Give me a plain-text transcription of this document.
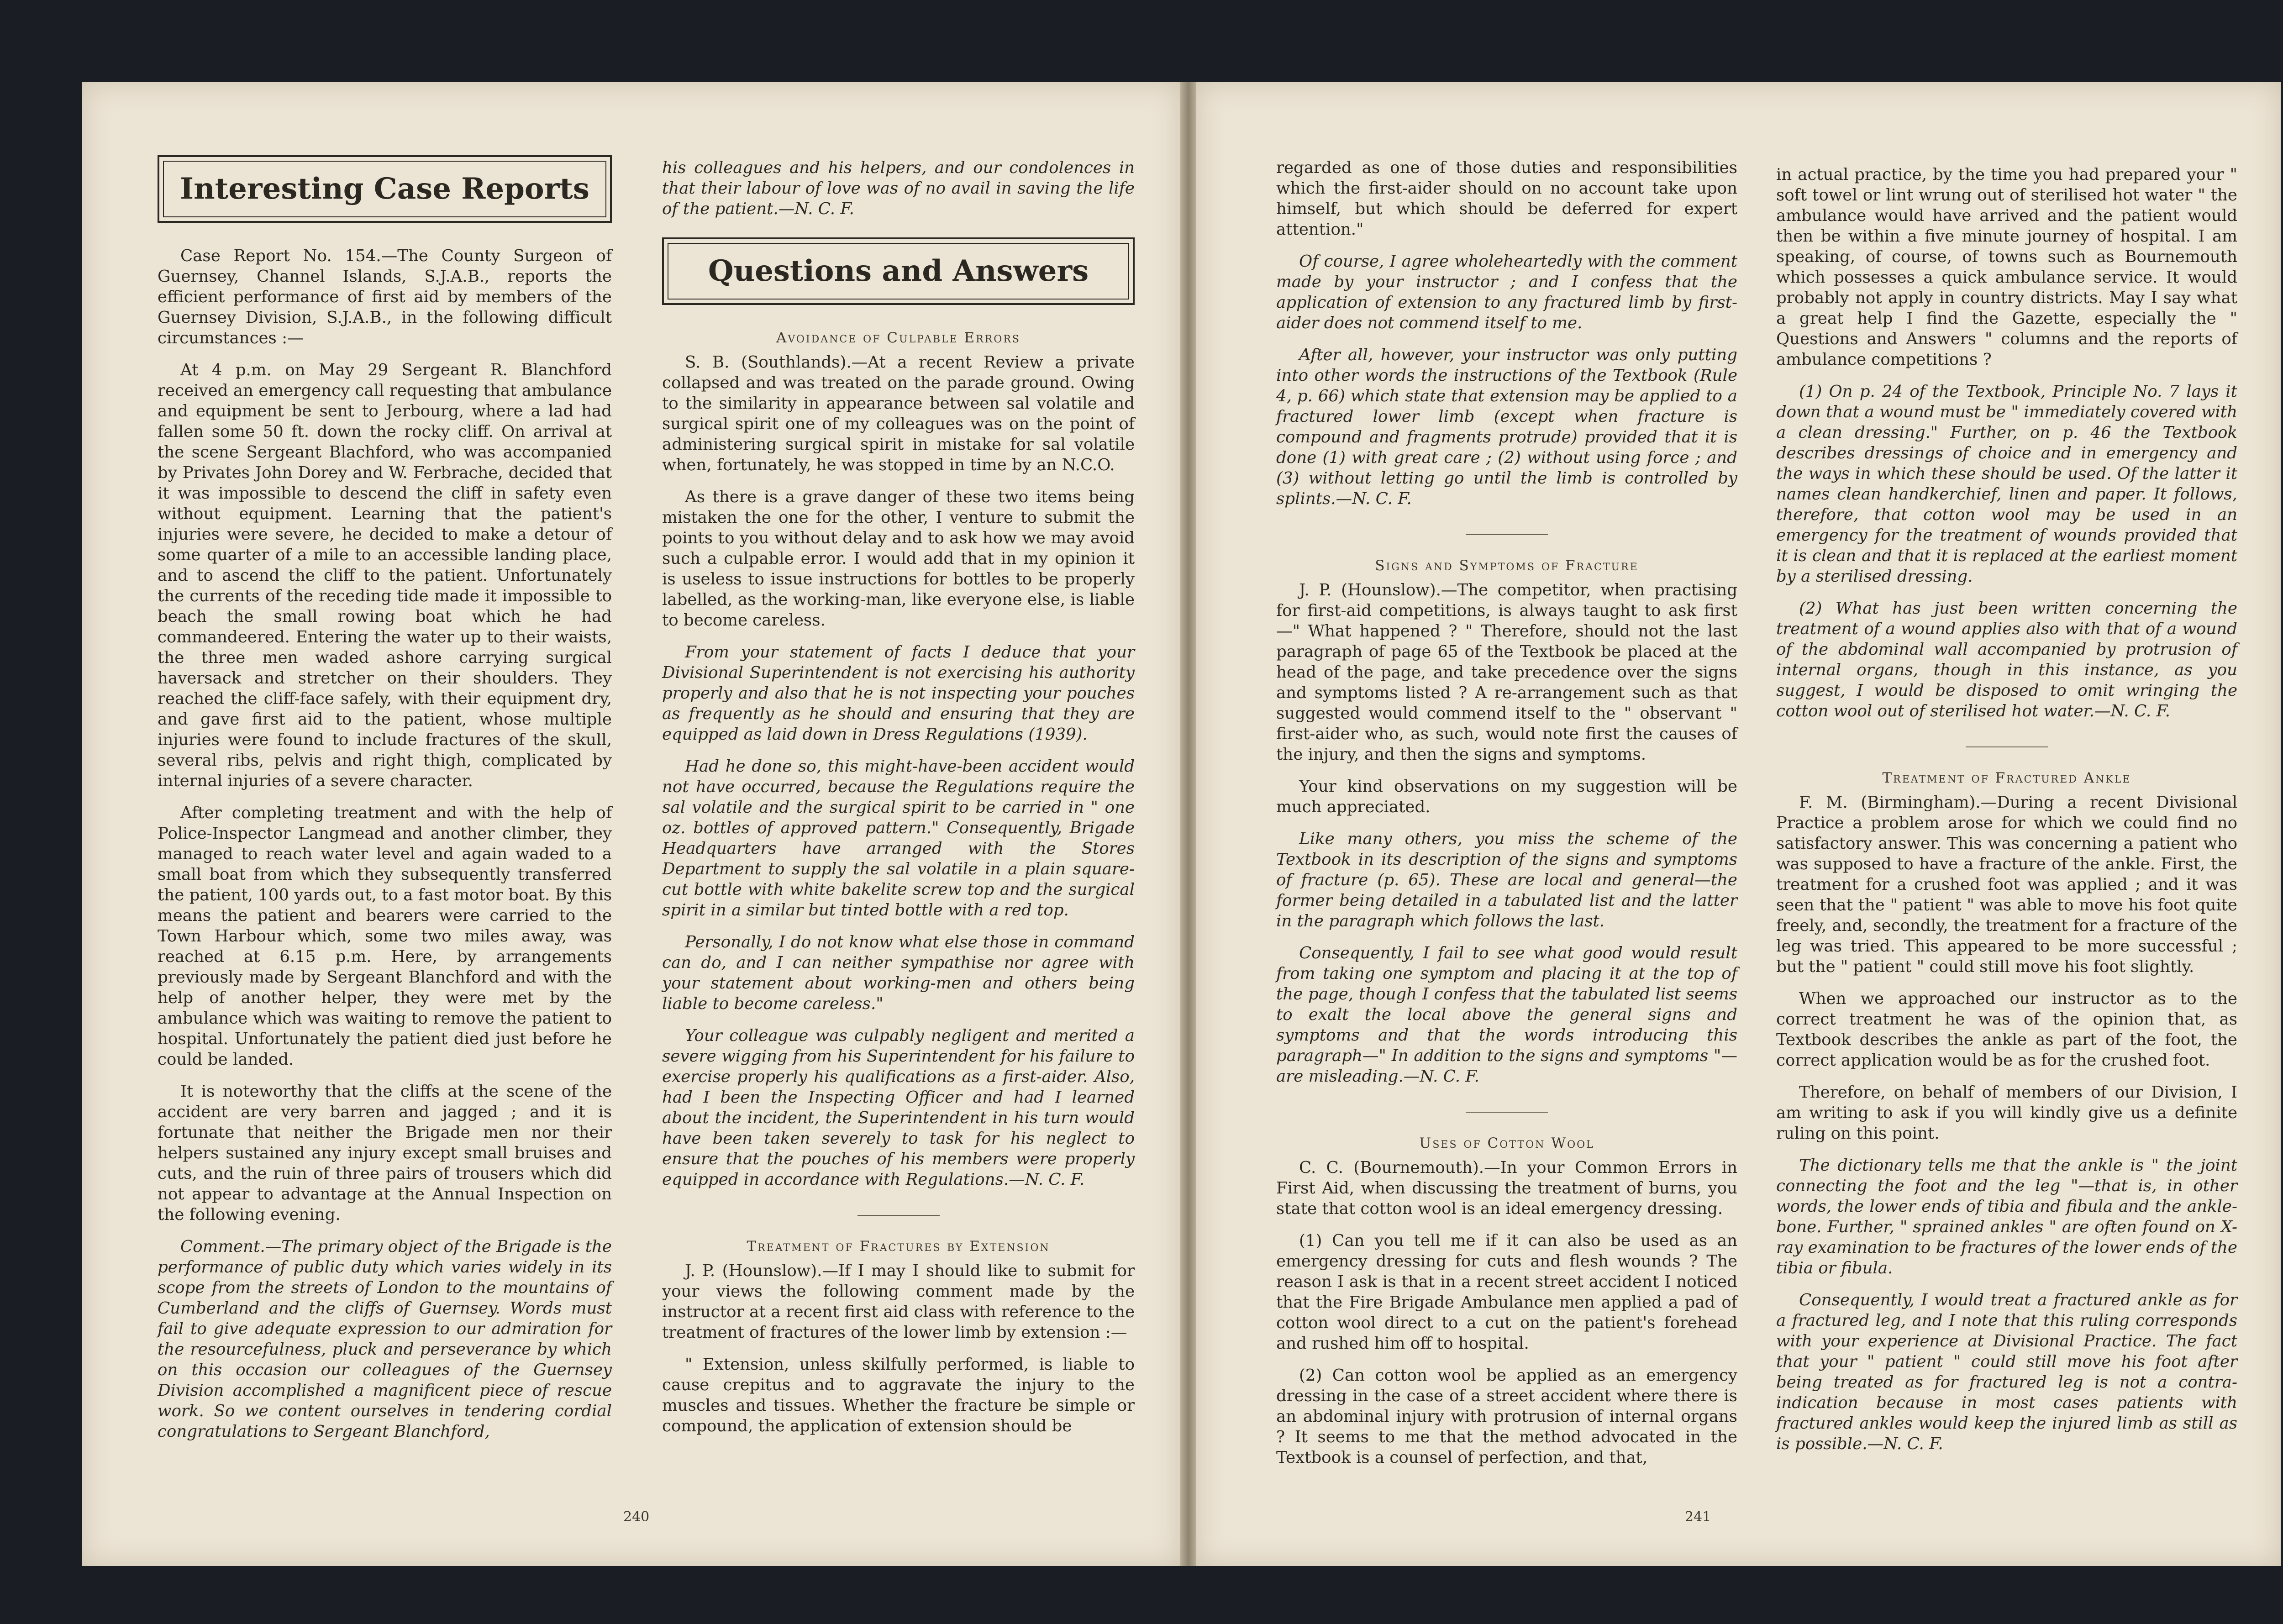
Interesting Case Reports

Case Report No. 154.—The County Surgeon of Guernsey, Channel Islands, S.J.A.B., reports the efficient performance of first aid by members of the Guernsey Division, S.J.A.B., in the following difficult circumstances :—

At 4 p.m. on May 29 Sergeant R. Blanchford received an emergency call requesting that ambulance and equipment be sent to Jerbourg, where a lad had fallen some 50 ft. down the rocky cliff. On arrival at the scene Sergeant Blachford, who was accompanied by Privates John Dorey and W. Ferbrache, decided that it was impossible to descend the cliff in safety even without equipment. Learning that the patient's injuries were severe, he decided to make a detour of some quarter of a mile to an accessible landing place, and to ascend the cliff to the patient. Unfortunately the currents of the receding tide made it impossible to beach the small rowing boat which he had commandeered. Entering the water up to their waists, the three men waded ashore carrying surgical haversack and stretcher on their shoulders. They reached the cliff-face safely, with their equipment dry, and gave first aid to the patient, whose multiple injuries were found to include fractures of the skull, several ribs, pelvis and right thigh, complicated by internal injuries of a severe character.

After completing treatment and with the help of Police-Inspector Langmead and another climber, they managed to reach water level and again waded to a small boat from which they subsequently transferred the patient, 100 yards out, to a fast motor boat. By this means the patient and bearers were carried to the Town Harbour which, some two miles away, was reached at 6.15 p.m. Here, by arrangements previously made by Sergeant Blanchford and with the help of another helper, they were met by the ambulance which was waiting to remove the patient to hospital. Unfortunately the patient died just before he could be landed.

It is noteworthy that the cliffs at the scene of the accident are very barren and jagged ; and it is fortunate that neither the Brigade men nor their helpers sustained any injury except small bruises and cuts, and the ruin of three pairs of trousers which did not appear to advantage at the Annual Inspection on the following evening.

Comment.—The primary object of the Brigade is the performance of public duty which varies widely in its scope from the streets of London to the mountains of Cumberland and the cliffs of Guernsey. Words must fail to give adequate expression to our admiration for the resourcefulness, pluck and perseverance by which on this occasion our colleagues of the Guernsey Division accomplished a magnificent piece of rescue work. So we content ourselves in tendering cordial congratulations to Sergeant Blanchford,

his colleagues and his helpers, and our condolences in that their labour of love was of no avail in saving the life of the patient.—N. C. F.

Questions and Answers
Avoidance of Culpable Errors

S. B. (Southlands).—At a recent Review a private collapsed and was treated on the parade ground. Owing to the similarity in appearance between sal volatile and surgical spirit one of my colleagues was on the point of administering surgical spirit in mistake for sal volatile when, fortunately, he was stopped in time by an N.C.O.

As there is a grave danger of these two items being mistaken the one for the other, I venture to submit the points to you without delay and to ask how we may avoid such a culpable error. I would add that in my opinion it is useless to issue instructions for bottles to be properly labelled, as the working-man, like everyone else, is liable to become careless.

From your statement of facts I deduce that your Divisional Superintendent is not exercising his authority properly and also that he is not inspecting your pouches as frequently as he should and ensuring that they are equipped as laid down in Dress Regulations (1939).

Had he done so, this might-have-been accident would not have occurred, because the Regulations require the sal volatile and the surgical spirit to be carried in " one oz. bottles of approved pattern." Consequently, Brigade Headquarters have arranged with the Stores Department to supply the sal volatile in a plain square-cut bottle with white bakelite screw top and the surgical spirit in a similar but tinted bottle with a red top.

Personally, I do not know what else those in command can do, and I can neither sympathise nor agree with your statement about working-men and others being liable to become careless."

Your colleague was culpably negligent and merited a severe wigging from his Superintendent for his failure to exercise properly his qualifications as a first-aider. Also, had I been the Inspecting Officer and had I learned about the incident, the Superintendent in his turn would have been taken severely to task for his neglect to ensure that the pouches of his members were properly equipped in accordance with Regulations.—N. C. F.

Treatment of Fractures by Extension

J. P. (Hounslow).—If I may I should like to submit for your views the following comment made by the instructor at a recent first aid class with reference to the treatment of fractures of the lower limb by extension :—

" Extension, unless skilfully performed, is liable to cause crepitus and to aggravate the injury to the muscles and tissues. Whether the fracture be simple or compound, the application of extension should be

240

regarded as one of those duties and responsibilities which the first-aider should on no account take upon himself, but which should be deferred for expert attention."

Of course, I agree wholeheartedly with the comment made by your instructor ; and I confess that the application of extension to any fractured limb by first-aider does not commend itself to me.

After all, however, your instructor was only putting into other words the instructions of the Textbook (Rule 4, p. 66) which state that extension may be applied to a fractured lower limb (except when fracture is compound and fragments protrude) provided that it is done (1) with great care ; (2) without using force ; and (3) without letting go until the limb is controlled by splints.—N. C. F.

Signs and Symptoms of Fracture

J. P. (Hounslow).—The competitor, when practising for first-aid competitions, is always taught to ask first—" What happened ? " Therefore, should not the last paragraph of page 65 of the Textbook be placed at the head of the page, and take precedence over the signs and symptoms listed ? A re-arrangement such as that suggested would commend itself to the " observant " first-aider who, as such, would note first the causes of the injury, and then the signs and symptoms.

Your kind observations on my suggestion will be much appreciated.

Like many others, you miss the scheme of the Textbook in its description of the signs and symptoms of fracture (p. 65). These are local and general—the former being detailed in a tabulated list and the latter in the paragraph which follows the last.

Consequently, I fail to see what good would result from taking one symptom and placing it at the top of the page, though I confess that the tabulated list seems to exalt the local above the general signs and symptoms and that the words introducing this paragraph—" In addition to the signs and symptoms "—are misleading.—N. C. F.

Uses of Cotton Wool

C. C. (Bournemouth).—In your Common Errors in First Aid, when discussing the treatment of burns, you state that cotton wool is an ideal emergency dressing.

(1) Can you tell me if it can also be used as an emergency dressing for cuts and flesh wounds ? The reason I ask is that in a recent street accident I noticed that the Fire Brigade Ambulance men applied a pad of cotton wool direct to a cut on the patient's forehead and rushed him off to hospital.

(2) Can cotton wool be applied as an emergency dressing in the case of a street accident where there is an abdominal injury with protrusion of internal organs ? It seems to me that the method advocated in the Textbook is a counsel of perfection, and that,

in actual practice, by the time you had prepared your " soft towel or lint wrung out of sterilised hot water " the ambulance would have arrived and the patient would then be within a five minute journey of hospital. I am speaking, of course, of towns such as Bournemouth which possesses a quick ambulance service. It would probably not apply in country districts. May I say what a great help I find the Gazette, especially the " Questions and Answers " columns and the reports of ambulance competitions ?

(1) On p. 24 of the Textbook, Principle No. 7 lays it down that a wound must be " immediately covered with a clean dressing." Further, on p. 46 the Textbook describes dressings of choice and in emergency and the ways in which these should be used. Of the latter it names clean handkerchief, linen and paper. It follows, therefore, that cotton wool may be used in an emergency for the treatment of wounds provided that it is clean and that it is replaced at the earliest moment by a sterilised dressing.

(2) What has just been written concerning the treatment of a wound applies also with that of a wound of the abdominal wall accompanied by protrusion of internal organs, though in this instance, as you suggest, I would be disposed to omit wringing the cotton wool out of sterilised hot water.—N. C. F.

Treatment of Fractured Ankle

F. M. (Birmingham).—During a recent Divisional Practice a problem arose for which we could find no satisfactory answer. This was concerning a patient who was supposed to have a fracture of the ankle. First, the treatment for a crushed foot was applied ; and it was seen that the " patient " was able to move his foot quite freely, and, secondly, the treatment for a fracture of the leg was tried. This appeared to be more successful ; but the " patient " could still move his foot slightly.

When we approached our instructor as to the correct treatment he was of the opinion that, as Textbook describes the ankle as part of the foot, the correct application would be as for the crushed foot.

Therefore, on behalf of members of our Division, I am writing to ask if you will kindly give us a definite ruling on this point.

The dictionary tells me that the ankle is " the joint connecting the foot and the leg "—that is, in other words, the lower ends of tibia and fibula and the ankle-bone. Further, " sprained ankles " are often found on X-ray examination to be fractures of the lower ends of the tibia or fibula.

Consequently, I would treat a fractured ankle as for a fractured leg, and I note that this ruling corresponds with your experience at Divisional Practice. The fact that your " patient " could still move his foot after being treated as for fractured leg is not a contra-indication because in most cases patients with fractured ankles would keep the injured limb as still as is possible.—N. C. F.

241
